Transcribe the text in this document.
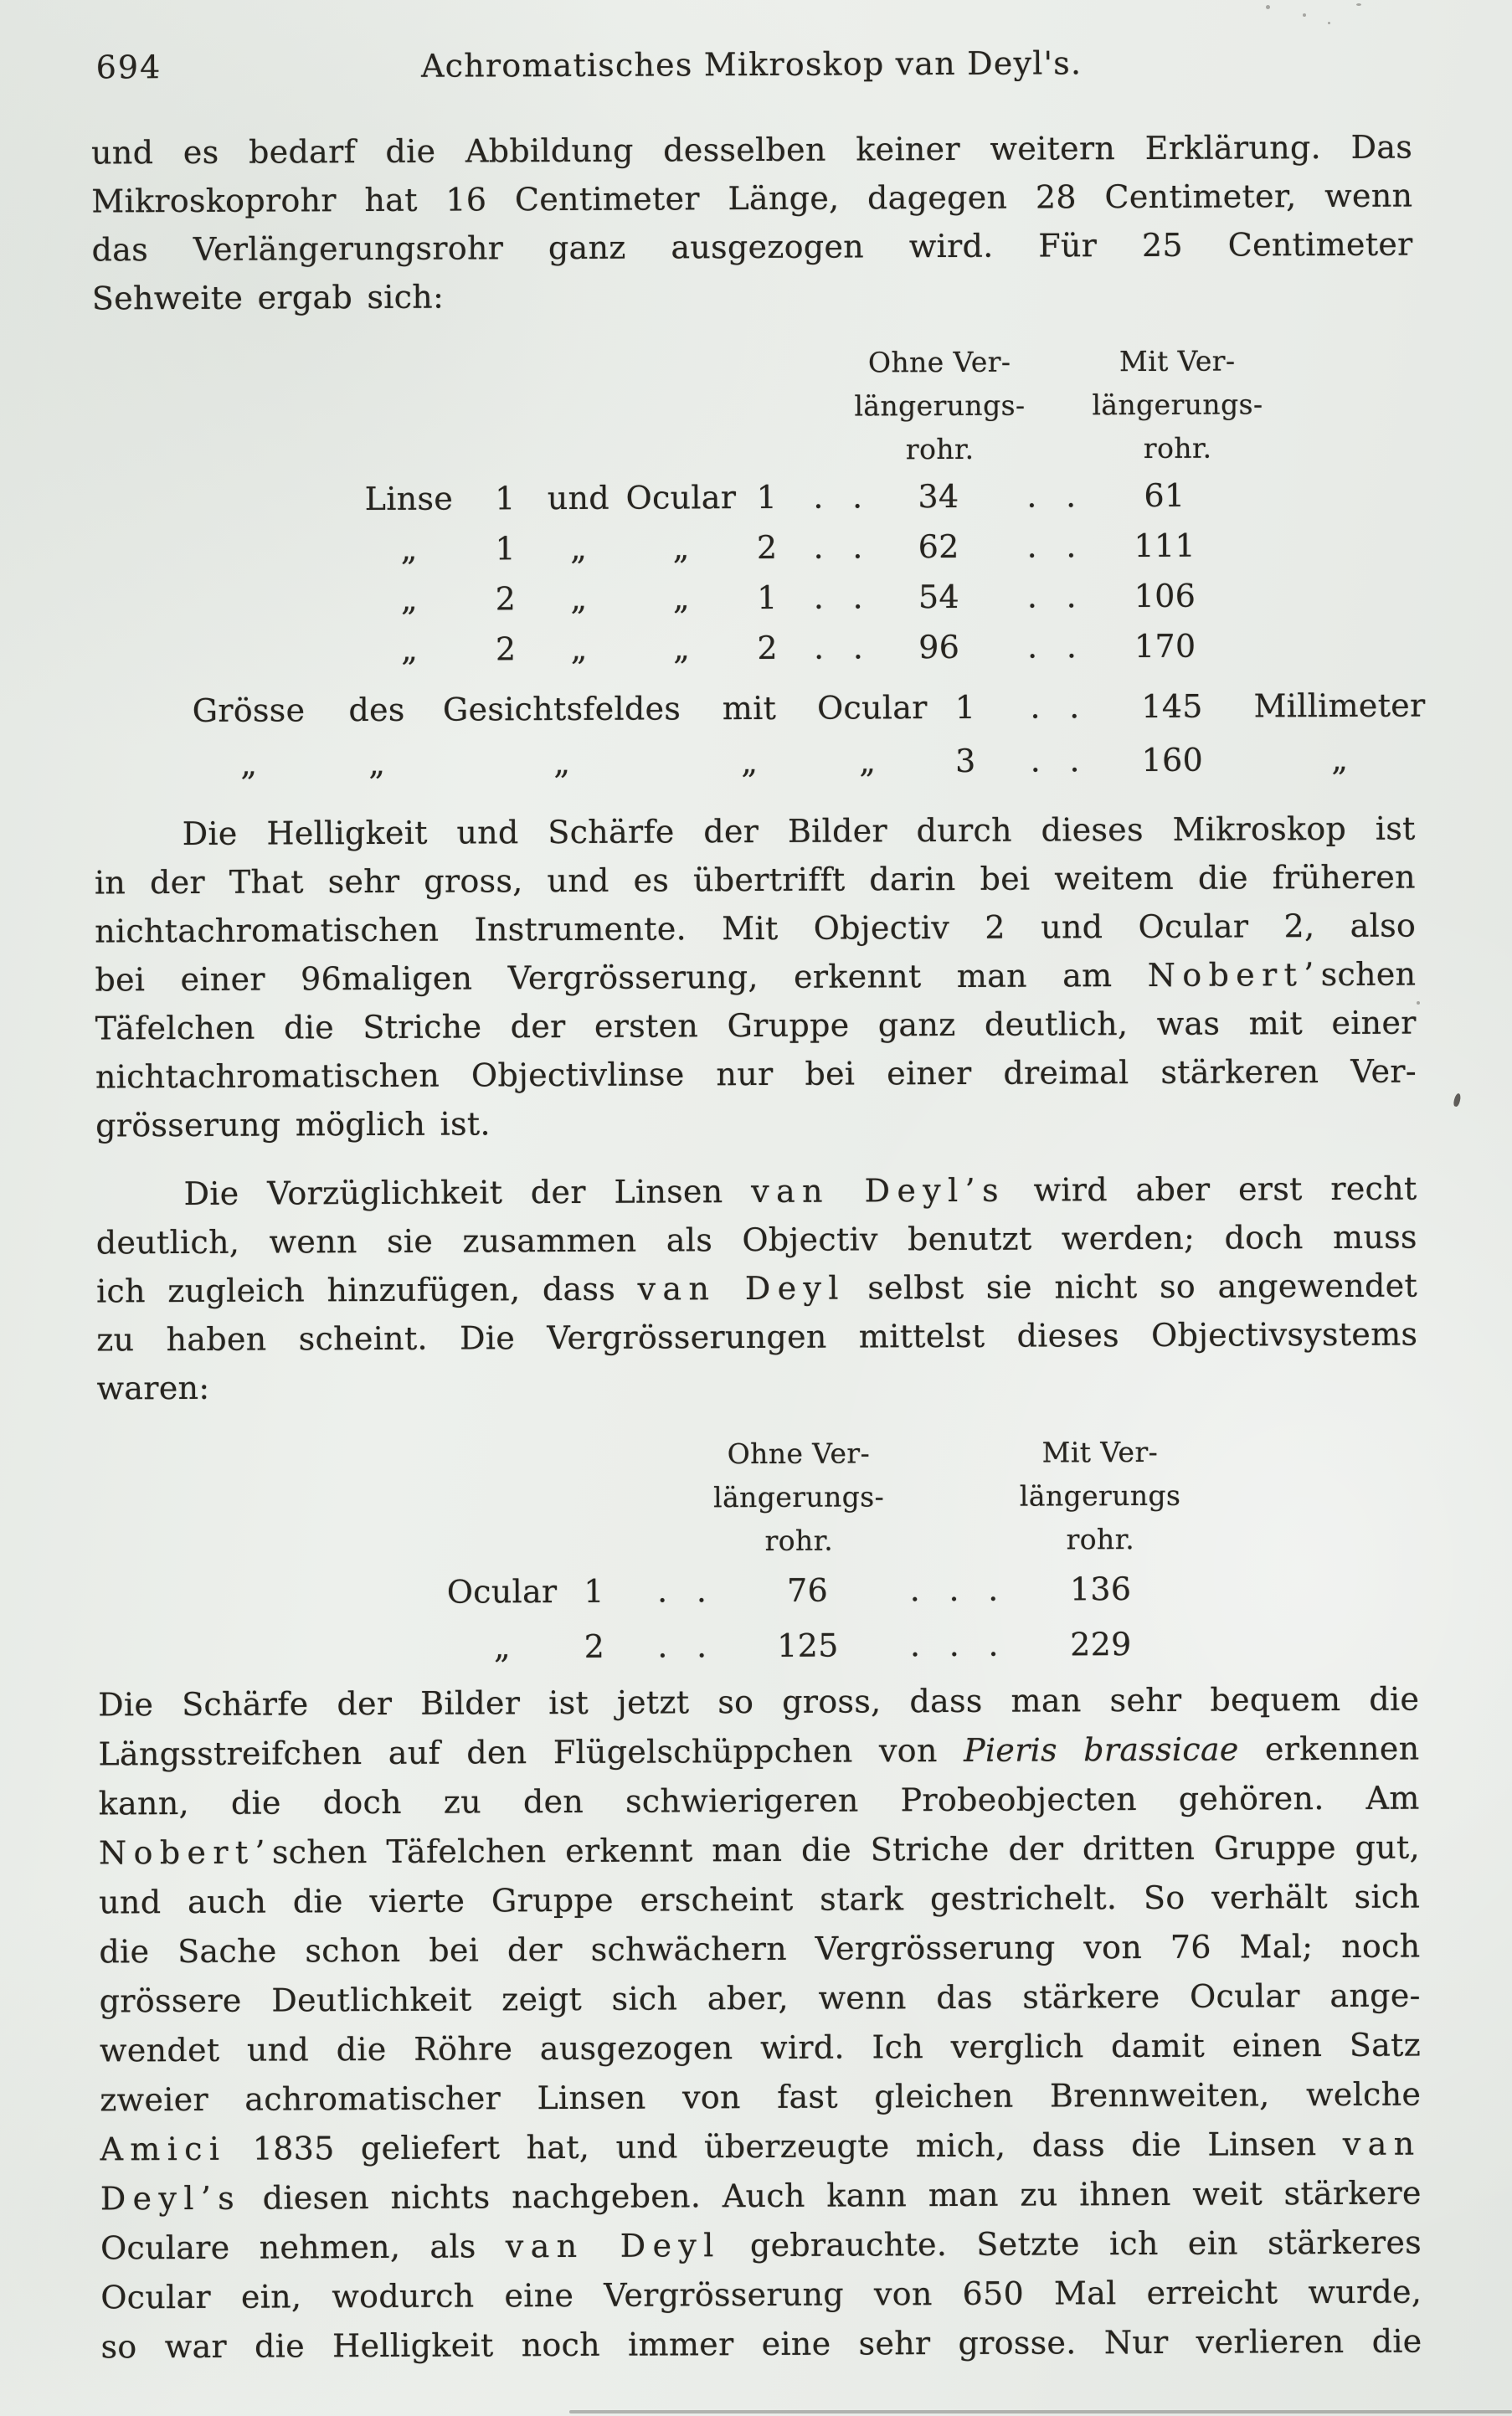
694	Achromatisches Mikroskop van Deyl's.
und es bedarf die Abbildung desselben keiner weitern Erklärung. Das
Mikroskoprohr hat 16 Centimeter Länge, dagegen 28 Centimeter, wenn
das Verlängerungsrohr ganz ausgezogen wird. Für 25 Centimeter
Sehweite ergab sich:
Ohne Ver-
längerungs-
rohr.
Mit Ver-
längerungs-
rohr.
Linse	1 und Ocular 1	. .	34	. .	61
„	1	„	„	2	. .	62	. .	111
„	2	„	„	1	. .	54	. .	106
„	2	„	„	2	. .	96	. .	170
Grösse	des	Gesichtsfeldes	mit	Ocular 1	. .	145	Millimeter
„	„	„	„	„	3	. .	160	„
Die Helligkeit und Schärfe der Bilder durch dieses Mikroskop ist
in der That sehr gross, und es übertrifft darin bei weitem die früheren
nichtachromatischen Instrumente. Mit Objectiv 2 und Ocular 2, also
bei einer 96maligen Vergrösserung, erkennt man am Nobert’schen
Täfelchen die Striche der ersten Gruppe ganz deutlich, was mit einer
nichtachromatischen Objectivlinse nur bei einer dreimal stärkeren Ver-
grösserung möglich ist.
Die Vorzüglichkeit der Linsen van Deyl’s wird aber erst recht
deutlich, wenn sie zusammen als Objectiv benutzt werden; doch muss
ich zugleich hinzufügen, dass van Deyl selbst sie nicht so angewendet
zu haben scheint. Die Vergrösserungen mittelst dieses Objectivsystems
waren:
Ohne Ver-
längerungs-
rohr.
Mit Ver-
längerungs
rohr.
Ocular 1	. .	76	. . .	136
„	2	. .	125	. . .	229
Die Schärfe der Bilder ist jetzt so gross, dass man sehr bequem die
Längsstreifchen auf den Flügelschüppchen von Pieris brassicae erkennen
kann, die doch zu den schwierigeren Probeobjecten gehören. Am
Nobert’schen Täfelchen erkennt man die Striche der dritten Gruppe gut,
und auch die vierte Gruppe erscheint stark gestrichelt. So verhält sich
die Sache schon bei der schwächern Vergrösserung von 76 Mal; noch
grössere Deutlichkeit zeigt sich aber, wenn das stärkere Ocular ange-
wendet und die Röhre ausgezogen wird. Ich verglich damit einen Satz
zweier achromatischer Linsen von fast gleichen Brennweiten, welche
Amici 1835 geliefert hat, und überzeugte mich, dass die Linsen van
Deyl’s diesen nichts nachgeben. Auch kann man zu ihnen weit stärkere
Oculare nehmen, als van Deyl gebrauchte. Setzte ich ein stärkeres
Ocular ein, wodurch eine Vergrösserung von 650 Mal erreicht wurde,
so war die Helligkeit noch immer eine sehr grosse. Nur verlieren die
